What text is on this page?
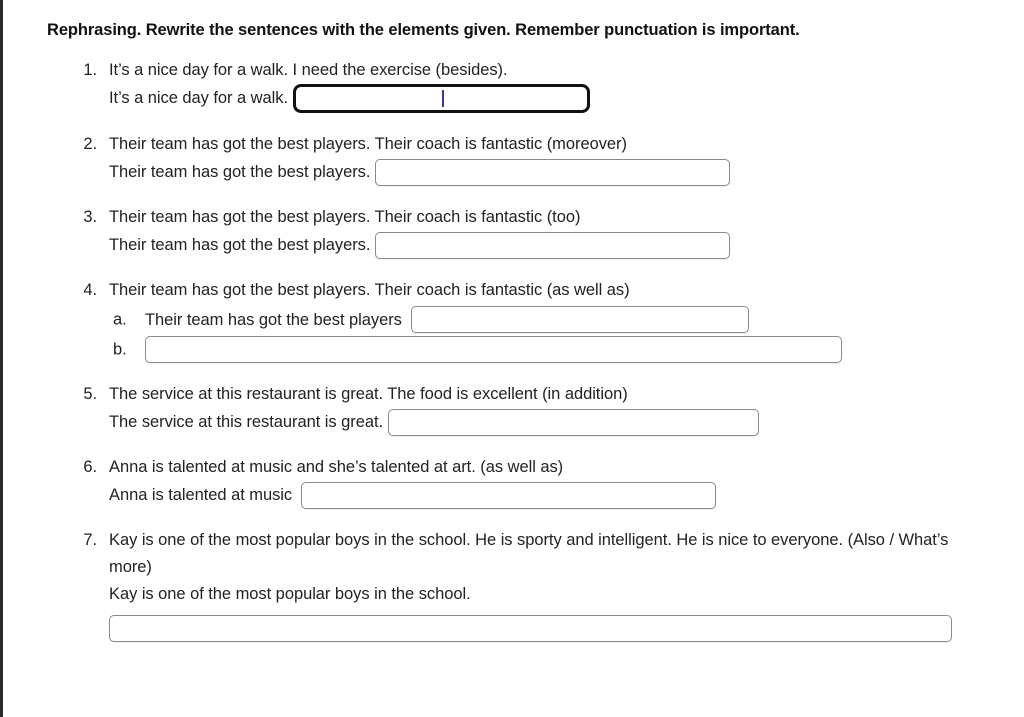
Rephrasing. Rewrite the sentences with the elements given. Remember punctuation is important.
1. It’s a nice day for a walk. I need the exercise (besides).
It’s a nice day for a walk.
2. Their team has got the best players. Their coach is fantastic (moreover)
Their team has got the best players.
3. Their team has got the best players. Their coach is fantastic (too)
Their team has got the best players.
4. Their team has got the best players. Their coach is fantastic (as well as)
a.	Their team has got the best players
b.
5. The service at this restaurant is great. The food is excellent (in addition)
The service at this restaurant is great.
6. Anna is talented at music and she’s talented at art. (as well as)
Anna is talented at music
7. Kay is one of the most popular boys in the school. He is sporty and intelligent. He is nice to everyone. (Also / What’s more)
Kay is one of the most popular boys in the school.
